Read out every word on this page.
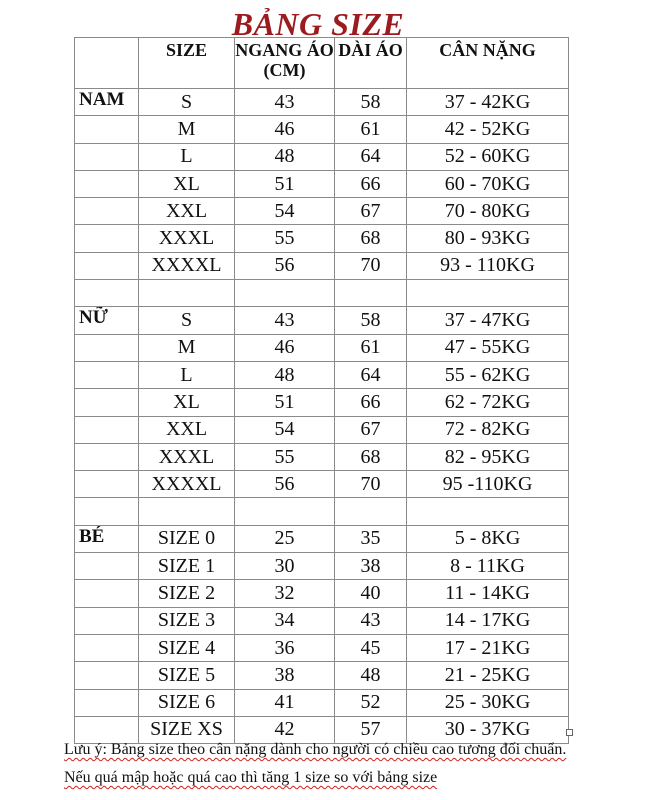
BẢNG SIZE
	SIZE	NGANG ÁO (CM)	DÀI ÁO	CÂN NẶNG
NAM	S	43	58	37 - 42KG
	M	46	61	42 - 52KG
	L	48	64	52 - 60KG
	XL	51	66	60 - 70KG
	XXL	54	67	70 - 80KG
	XXXL	55	68	80 - 93KG
	XXXXL	56	70	93 - 110KG

NỮ	S	43	58	37 - 47KG
	M	46	61	47 - 55KG
	L	48	64	55 - 62KG
	XL	51	66	62 - 72KG
	XXL	54	67	72 - 82KG
	XXXL	55	68	82 - 95KG
	XXXXL	56	70	95 -110KG

BÉ	SIZE 0	25	35	5 - 8KG
	SIZE 1	30	38	8 - 11KG
	SIZE 2	32	40	11 - 14KG
	SIZE 3	34	43	14 - 17KG
	SIZE 4	36	45	17 - 21KG
	SIZE 5	38	48	21 - 25KG
	SIZE 6	41	52	25 - 30KG
	SIZE XS	42	57	30 - 37KG
Lưu ý: Bảng size theo cân nặng dành cho người có chiều cao tương đối chuẩn.
Nếu quá mập hoặc quá cao thì tăng 1 size so với bảng size
